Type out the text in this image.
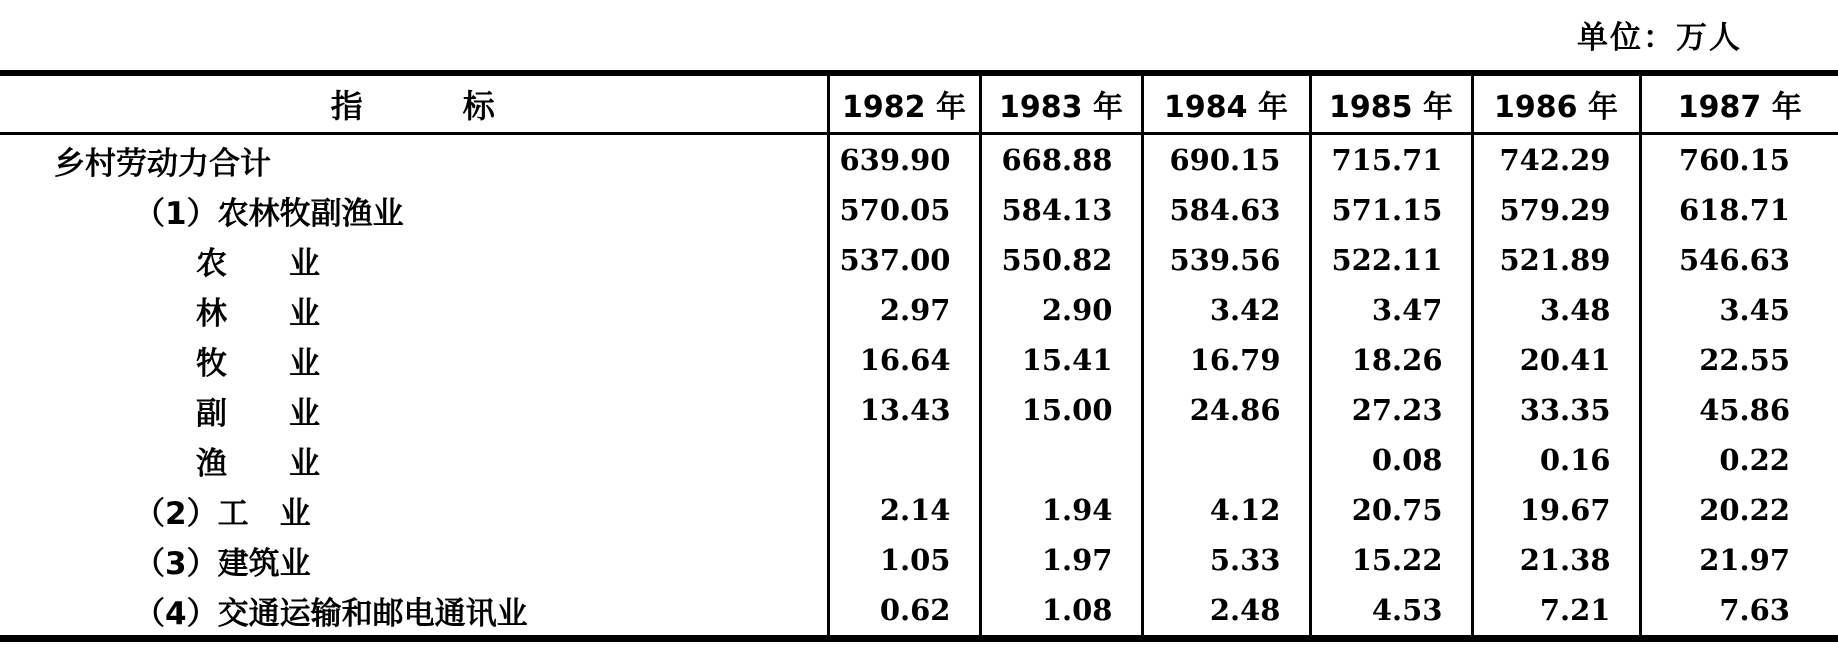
单位：万人
指　　　标	1982 年	1983 年	1984 年	1985 年	1986 年	1987 年
乡村劳动力合计	639.90	668.88	690.15	715.71	742.29	760.15
（1）农林牧副渔业	570.05	584.13	584.63	571.15	579.29	618.71
农　　业	537.00	550.82	539.56	522.11	521.89	546.63
林　　业	2.97	2.90	3.42	3.47	3.48	3.45
牧　　业	16.64	15.41	16.79	18.26	20.41	22.55
副　　业	13.43	15.00	24.86	27.23	33.35	45.86
渔　　业				0.08	0.16	0.22
（2）工　业	2.14	1.94	4.12	20.75	19.67	20.22
（3）建筑业	1.05	1.97	5.33	15.22	21.38	21.97
（4）交通运输和邮电通讯业	0.62	1.08	2.48	4.53	7.21	7.63
